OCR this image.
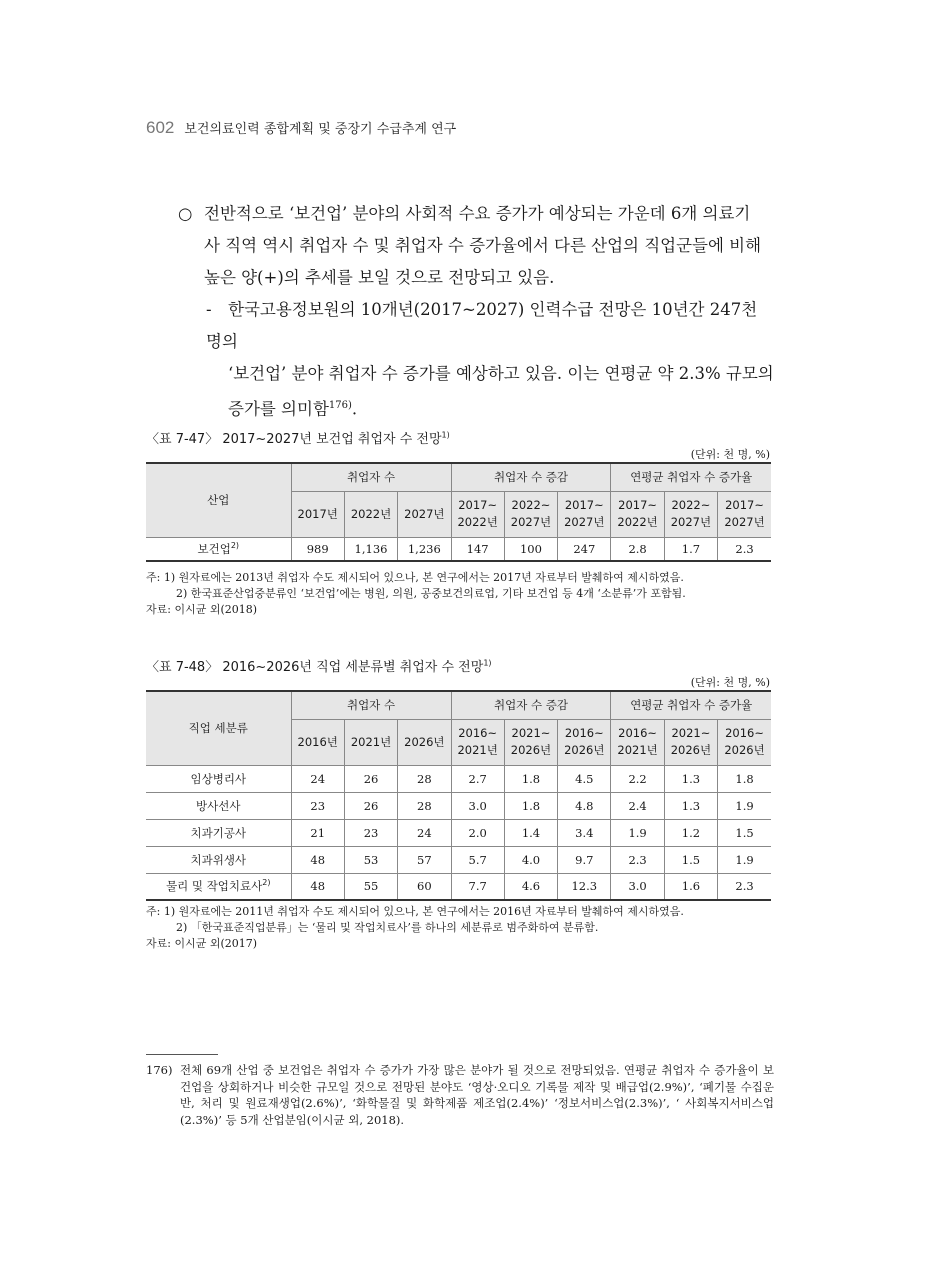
602 보건의료인력 종합계획 및 중장기 수급추계 연구
○ 전반적으로 ‘보건업’ 분야의 사회적 수요 증가가 예상되는 가운데 6개 의료기
사 직역 역시 취업자 수 및 취업자 수 증가율에서 다른 산업의 직업군들에 비해
높은 양(+)의 추세를 보일 것으로 전망되고 있음.
- 한국고용정보원의 10개년(2017~2027) 인력수급 전망은 10년간 247천 명의
‘보건업’ 분야 취업자 수 증가를 예상하고 있음. 이는 연평균 약 2.3% 규모의
증가를 의미함$^{176)}$.
〈표 7-47〉 2017~2027년 보건업 취업자 수 전망$^{1)}$
(단위: 천 명, %)
산업	취업자 수			취업자 수 증감			연평균 취업자 수 증가율		
	2017년	2022년	2027년	2017~ 2022년	2022~ 2027년	2017~ 2027년	2017~ 2022년	2022~ 2027년	2017~ 2027년
보건업$^{2)}$	989	1,136	1,236	147	100	247	2.8	1.7	2.3
주: 1) 원자료에는 2013년 취업자 수도 제시되어 있으나, 본 연구에서는 2017년 자료부터 발췌하여 제시하였음.
2) 한국표준산업중분류인 ‘보건업’에는 병원, 의원, 공중보건의료업, 기타 보건업 등 4개 ‘소분류’가 포함됨.
자료: 이시균 외(2018)
〈표 7-48〉 2016~2026년 직업 세분류별 취업자 수 전망$^{1)}$
(단위: 천 명, %)
직업 세분류	취업자 수			취업자 수 증감			연평균 취업자 수 증가율		
	2016년	2021년	2026년	2016~ 2021년	2021~ 2026년	2016~ 2026년	2016~ 2021년	2021~ 2026년	2016~ 2026년
임상병리사	24	26	28	2.7	1.8	4.5	2.2	1.3	1.8
방사선사	23	26	28	3.0	1.8	4.8	2.4	1.3	1.9
치과기공사	21	23	24	2.0	1.4	3.4	1.9	1.2	1.5
치과위생사	48	53	57	5.7	4.0	9.7	2.3	1.5	1.9
물리 및 작업치료사$^{2)}$	48	55	60	7.7	4.6	12.3	3.0	1.6	2.3
주: 1) 원자료에는 2011년 취업자 수도 제시되어 있으나, 본 연구에서는 2016년 자료부터 발췌하여 제시하였음.
2) 「한국표준직업분류」는 ‘물리 및 작업치료사’를 하나의 세분류로 범주화하여 분류함.
자료: 이시균 외(2017)
176) 전체 69개 산업 중 보건업은 취업자 수 증가가 가장 많은 분야가 될 것으로 전망되었음. 연평균 취업자 수 증가율이 보건업을 상회하거나 비슷한 규모일 것으로 전망된 분야도 ‘영상·오디오 기록물 제작 및 배급업(2.9%)’, ‘폐기물 수집운반, 처리 및 원료재생업(2.6%)’, ‘화학물질 및 화학제품 제조업(2.4%)’ ‘정보서비스업(2.3%)’, ‘ 사회복지서비스업(2.3%)’ 등 5개 산업분임(이시균 외, 2018).
